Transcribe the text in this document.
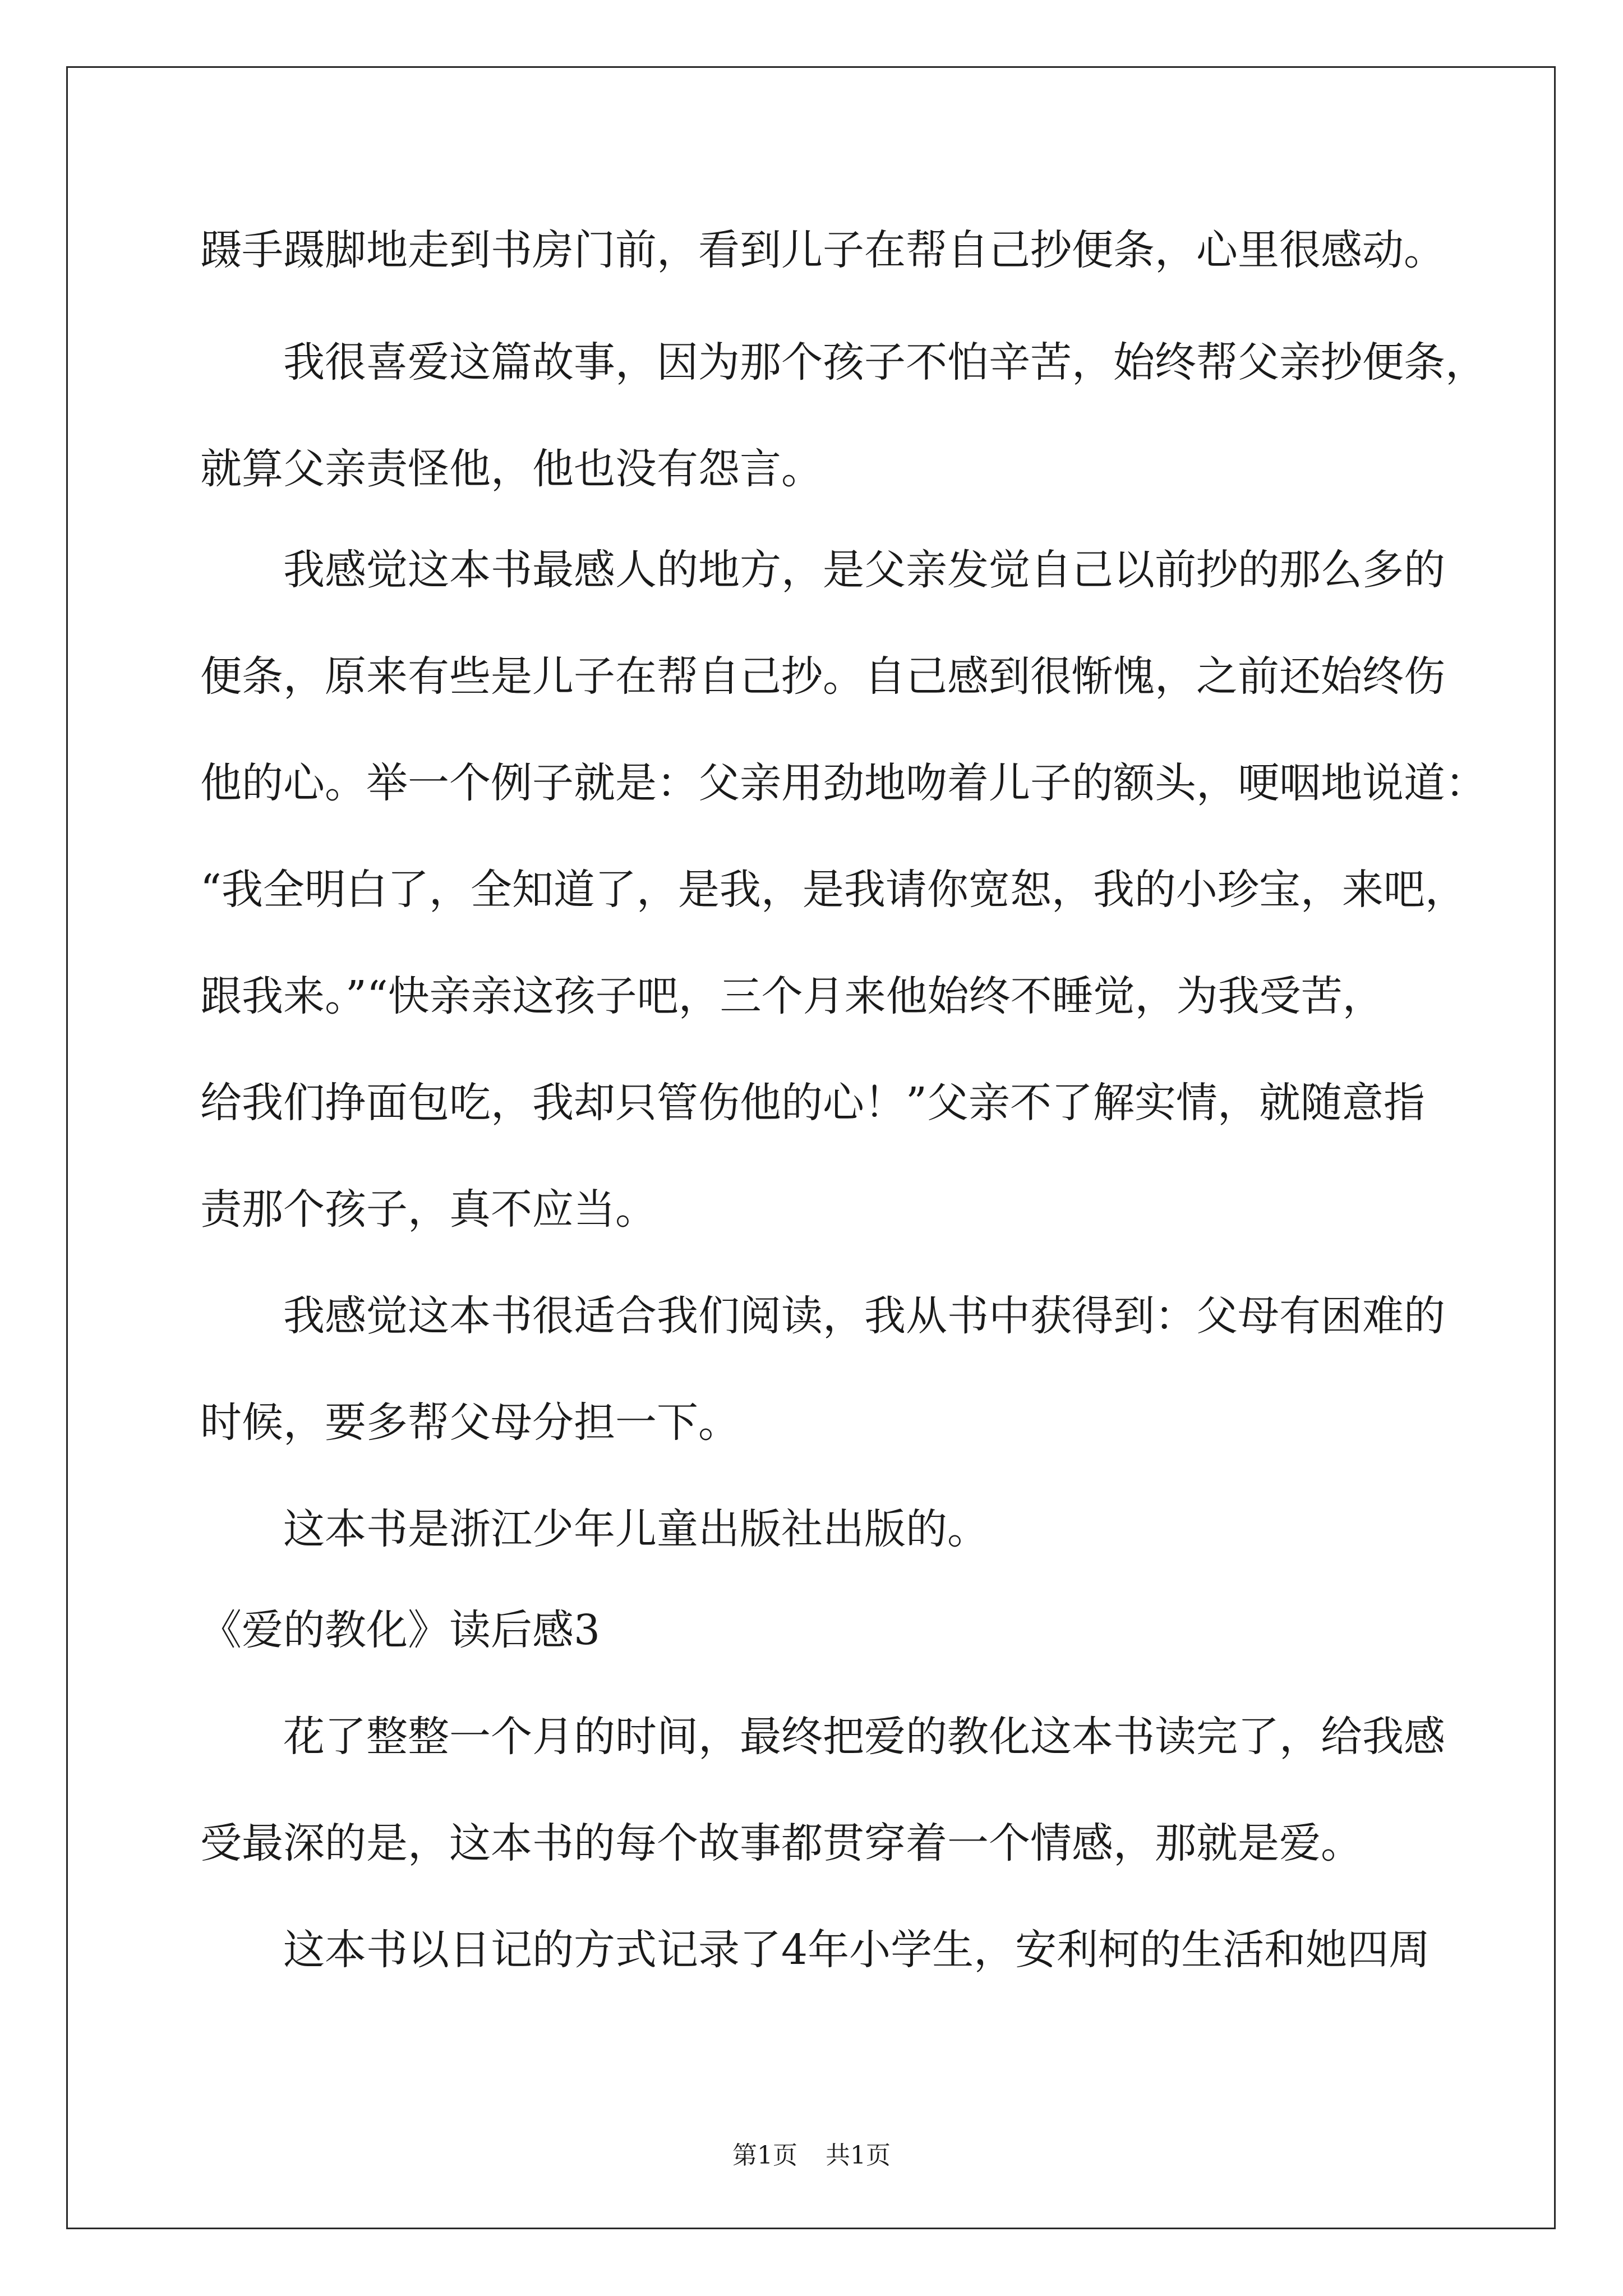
蹑手蹑脚地走到书房门前，看到儿子在帮自己抄便条，心里很感动。
我很喜爱这篇故事，因为那个孩子不怕辛苦，始终帮父亲抄便条，
就算父亲责怪他，他也没有怨言。
我感觉这本书最感人的地方，是父亲发觉自己以前抄的那么多的
便条，原来有些是儿子在帮自己抄。自己感到很惭愧，之前还始终伤
他的心。举一个例子就是：父亲用劲地吻着儿子的额头，哽咽地说道：
“我全明白了，全知道了，是我，是我请你宽恕，我的小珍宝，来吧，
跟我来。”“快亲亲这孩子吧，三个月来他始终不睡觉，为我受苦，
给我们挣面包吃，我却只管伤他的心！”父亲不了解实情，就随意指
责那个孩子，真不应当。
我感觉这本书很适合我们阅读，我从书中获得到：父母有困难的
时候，要多帮父母分担一下。
这本书是浙江少年儿童出版社出版的。
《爱的教化》读后感3
花了整整一个月的时间，最终把爱的教化这本书读完了，给我感
受最深的是，这本书的每个故事都贯穿着一个情感，那就是爱。
这本书以日记的方式记录了4年小学生，安利柯的生活和她四周
第1页 共1页
